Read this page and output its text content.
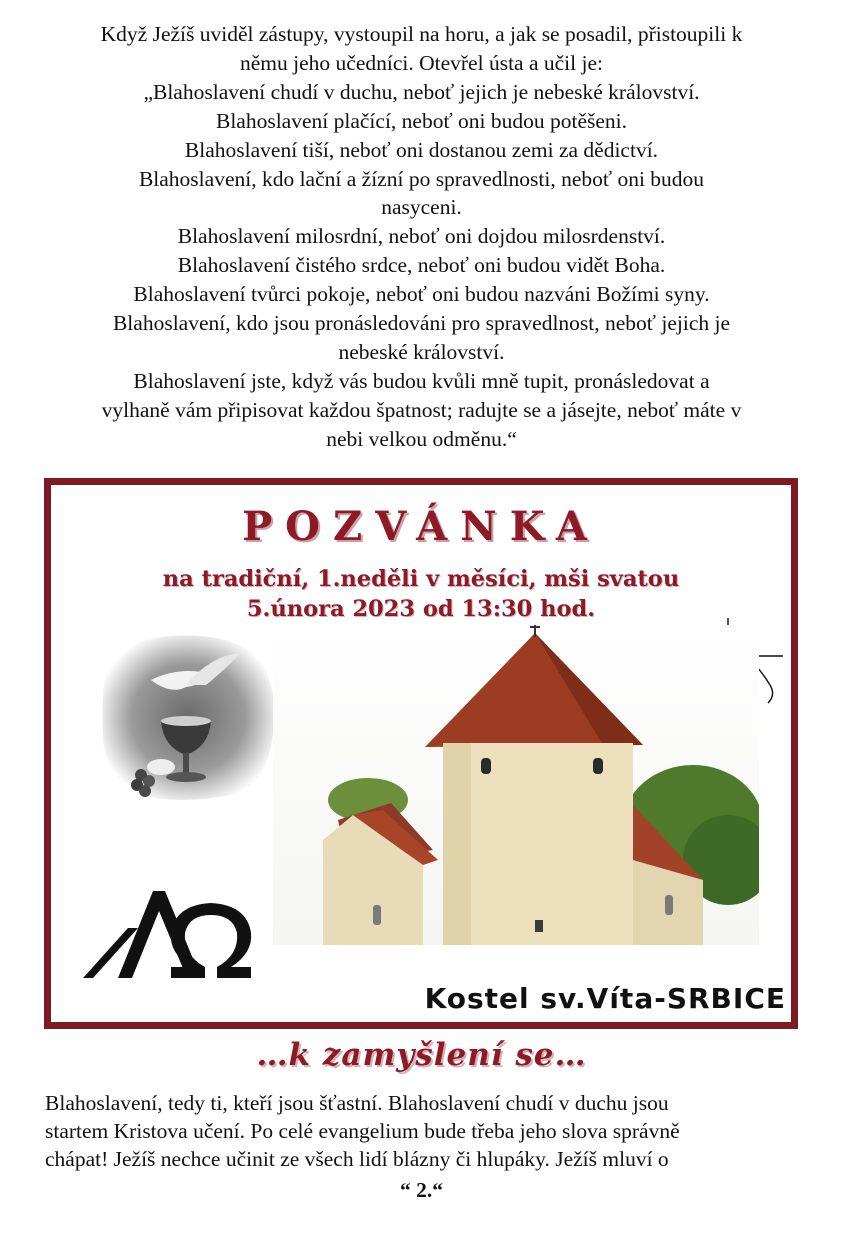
Když Ježíš uviděl zástupy, vystoupil na horu, a jak se posadil, přistoupili k

němu jeho učedníci. Otevřel ústa a učil je:

„Blahoslavení chudí v duchu, neboť jejich je nebeské království.

Blahoslavení plačící, neboť oni budou potěšeni.

Blahoslavení tiší, neboť oni dostanou zemi za dědictví.

Blahoslavení, kdo lační a žízní po spravedlnosti, neboť oni budou

nasyceni.

Blahoslavení milosrdní, neboť oni dojdou milosrdenství.

Blahoslavení čistého srdce, neboť oni budou vidět Boha.

Blahoslavení tvůrci pokoje, neboť oni budou nazváni Božími syny.

Blahoslavení, kdo jsou pronásledováni pro spravedlnost, neboť jejich je

nebeské království.

Blahoslavení jste, když vás budou kvůli mně tupit, pronásledovat a

vylhaně vám připisovat každou špatnost; radujte se a jásejte, neboť máte v

nebi velkou odměnu.“

POZVÁNKA
na tradiční, 1.neděli v měsíci, mši svatou
5.února 2023 od 13:30 hod.
Kostel sv.Víta-SRBICE
…k zamyšlení se…

Blahoslavení, tedy ti, kteří jsou šťastní. Blahoslavení chudí v duchu jsou

startem Kristova učení. Po celé evangelium bude třeba jeho slova správně

chápat! Ježíš nechce učinit ze všech lidí blázny či hlupáky. Ježíš mluví o

“ 2.“
